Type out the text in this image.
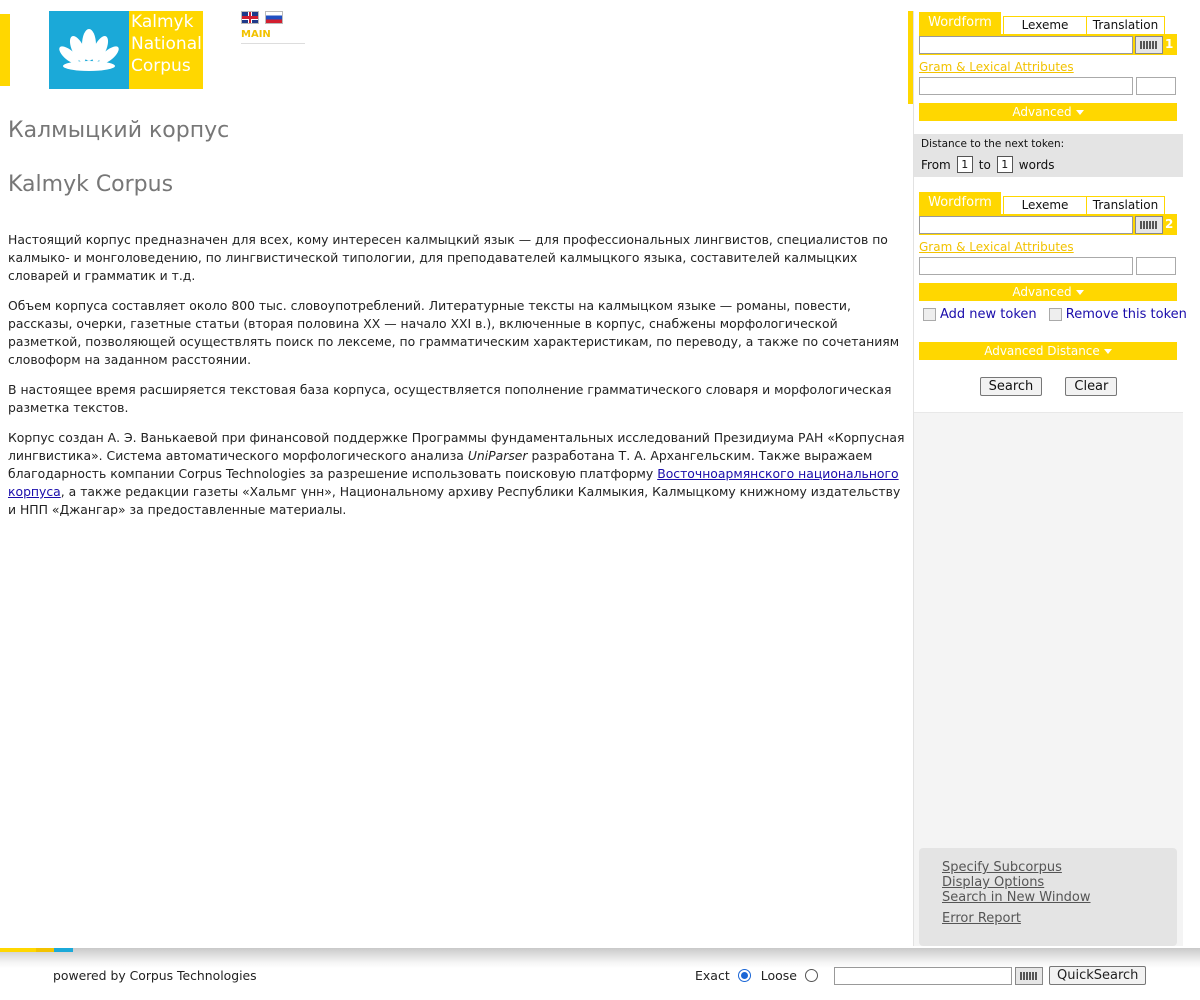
Kalmyk
National
Corpus
MAIN
Калмыцкий корпус
Kalmyk Corpus

Настоящий корпус предназначен для всех, кому интересен калмыцкий язык — для профессиональных лингвистов, специалистов по калмыко- и монголоведению, по лингвистической типологии, для преподавателей калмыцкого языка, составителей калмыцких словарей и грамматик и т.д.

Объем корпуса составляет около 800 тыс. словоупотреблений. Литературные тексты на калмыцком языке — романы, повести, рассказы, очерки, газетные статьи (вторая половина XX — начало XXI в.), включенные в корпус, снабжены морфологической разметкой, позволяющей осуществлять поиск по лексеме, по грамматическим характеристикам, по переводу, а также по сочетаниям словоформ на заданном расстоянии.

В настоящее время расширяется текстовая база корпуса, осуществляется пополнение грамматического словаря и морфологическая разметка текстов.

Корпус создан А. Э. Ванькаевой при финансовой поддержке Программы фундаментальных исследований Президиума РАН «Корпусная лингвистика». Система автоматического морфологического анализа UniParser разработана Т. А. Архангельским. Также выражаем благодарность компании Corpus Technologies за разрешение использовать поисковую платформу Восточноармянского национального корпуса, а также редакции газеты «Хальмг үнн», Национальному архиву Республики Калмыкия, Калмыцкому книжному издательству и НПП «Джангар» за предоставленные материалы.

Wordform	Lexeme	Translation
1
Gram & Lexical Attributes
Advanced
Distance to the next token:
From 1 to 1 words
Wordform	Lexeme	Translation
2
Gram & Lexical Attributes
Advanced
Add new token Remove this token
Advanced Distance
Search	Clear
Specify Subcorpus
Display Options
Search in New Window
Error Report
powered by Corpus Technologies	Exact Loose	QuickSearch
